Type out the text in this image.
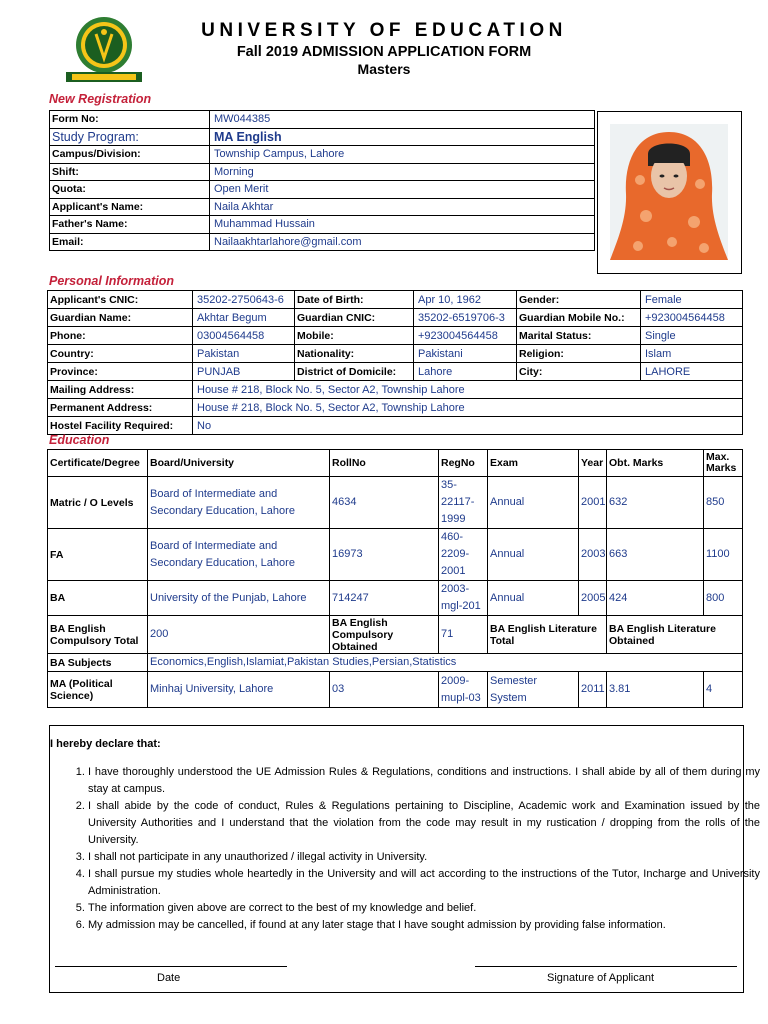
UNIVERSITY OF EDUCATION
Fall 2019 ADMISSION APPLICATION FORM
Masters
New Registration
Form No:	MW044385
Study Program:	MA English
Campus/Division:	Township Campus, Lahore
Shift:	Morning
Quota:	Open Merit
Applicant's Name:	Naila Akhtar
Father's Name:	Muhammad Hussain
Email:	Nailaakhtarlahore@gmail.com
Personal Information
Applicant's CNIC:	35202-2750643-6	Date of Birth:	Apr 10, 1962	Gender:	Female
Guardian Name:	Akhtar Begum	Guardian CNIC:	35202-6519706-3	Guardian Mobile No.:	+923004564458
Phone:	03004564458	Mobile:	+923004564458	Marital Status:	Single
Country:	Pakistan	Nationality:	Pakistani	Religion:	Islam
Province:	PUNJAB	District of Domicile:	Lahore	City:	LAHORE
Mailing Address:	House # 218, Block No. 5, Sector A2, Township Lahore				
Permanent Address:	House # 218, Block No. 5, Sector A2, Township Lahore				
Hostel Facility Required:	No				
Education
Certificate/Degree	Board/University	RollNo	RegNo	Exam	Year	Obt. Marks	Max. Marks
Matric / O Levels	Board of Intermediate and Secondary Education, Lahore	4634	35-22117-1999	Annual	2001	632	850
FA	Board of Intermediate and Secondary Education, Lahore	16973	460-2209-2001	Annual	2003	663	1100
BA	University of the Punjab, Lahore	714247	2003-mgl-201	Annual	2005	424	800
BA English Compulsory Total	200	BA English Compulsory Obtained	71	BA English Literature Total		BA English Literature Obtained	
BA Subjects	Economics,English,Islamiat,Pakistan Studies,Persian,Statistics						
MA (Political Science)	Minhaj University, Lahore	03	2009-mupl-03	Semester System	2011	3.81	4
I hereby declare that:
1. I have thoroughly understood the UE Admission Rules & Regulations, conditions and instructions. I shall abide by all of them during my stay at campus.
2. I shall abide by the code of conduct, Rules & Regulations pertaining to Discipline, Academic work and Examination issued by the University Authorities and I understand that the violation from the code may result in my rustication / dropping from the rolls of the University.
3. I shall not participate in any unauthorized / illegal activity in University.
4. I shall pursue my studies whole heartedly in the University and will act according to the instructions of the Tutor, Incharge and University Administration.
5. The information given above are correct to the best of my knowledge and belief.
6. My admission may be cancelled, if found at any later stage that I have sought admission by providing false information.
Date	Signature of Applicant
